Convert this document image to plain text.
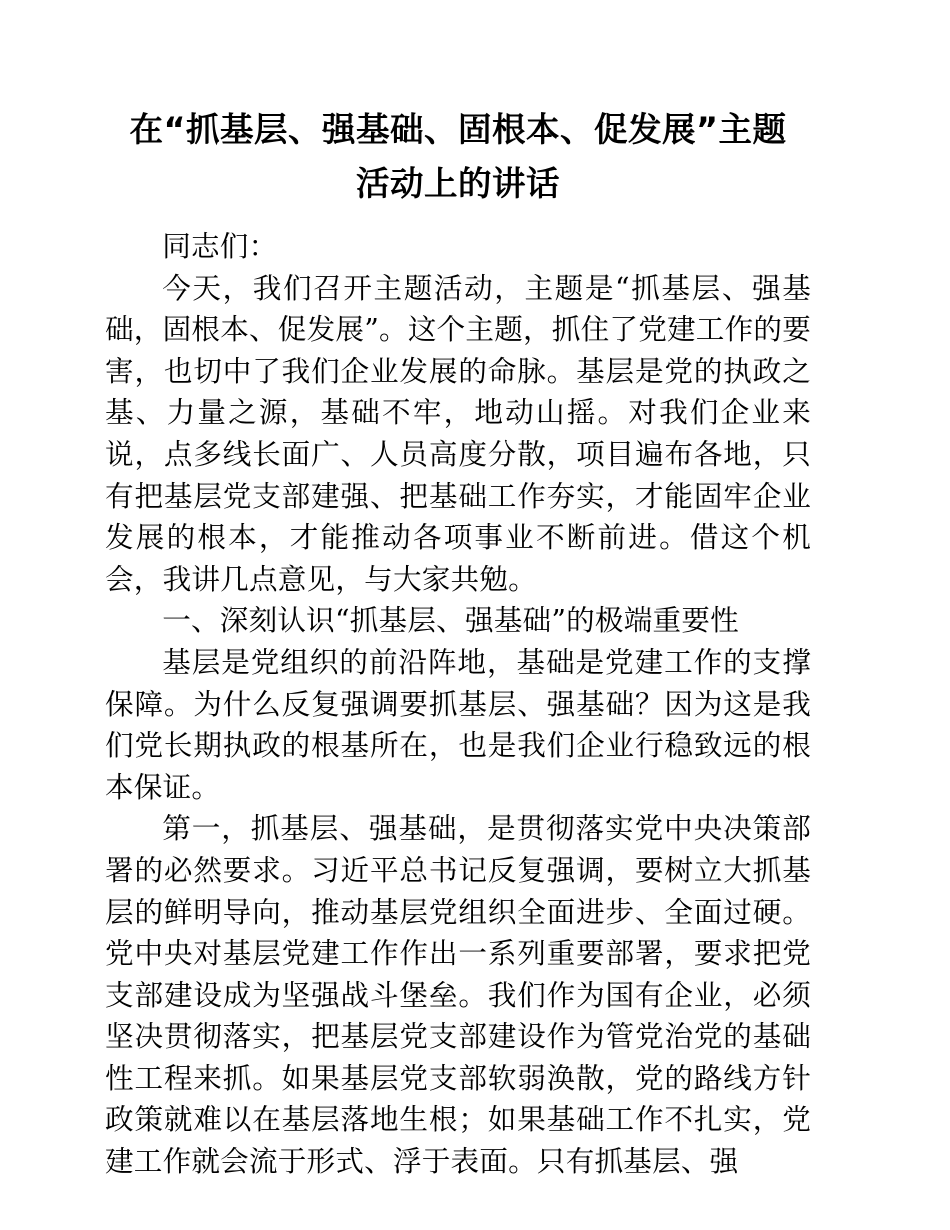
在“抓基层、强基础、固根本、促发展”主题
活动上的讲话

同志们：

今天，我们召开主题活动，主题是“抓基层、强基础，固根本、促发展”。这个主题，抓住了党建工作的要害，也切中了我们企业发展的命脉。基层是党的执政之基、力量之源，基础不牢，地动山摇。对我们企业来说，点多线长面广、人员高度分散，项目遍布各地，只有把基层党支部建强、把基础工作夯实，才能固牢企业发展的根本，才能推动各项事业不断前进。借这个机会，我讲几点意见，与大家共勉。

一、深刻认识“抓基层、强基础”的极端重要性

基层是党组织的前沿阵地，基础是党建工作的支撑保障。为什么反复强调要抓基层、强基础？因为这是我们党长期执政的根基所在，也是我们企业行稳致远的根本保证。

第一，抓基层、强基础，是贯彻落实党中央决策部署的必然要求。习近平总书记反复强调，要树立大抓基层的鲜明导向，推动基层党组织全面进步、全面过硬。党中央对基层党建工作作出一系列重要部署，要求把党支部建设成为坚强战斗堡垒。我们作为国有企业，必须坚决贯彻落实，把基层党支部建设作为管党治党的基础性工程来抓。如果基层党支部软弱涣散，党的路线方针政策就难以在基层落地生根；如果基础工作不扎实，党建工作就会流于形式、浮于表面。只有抓基层、强
